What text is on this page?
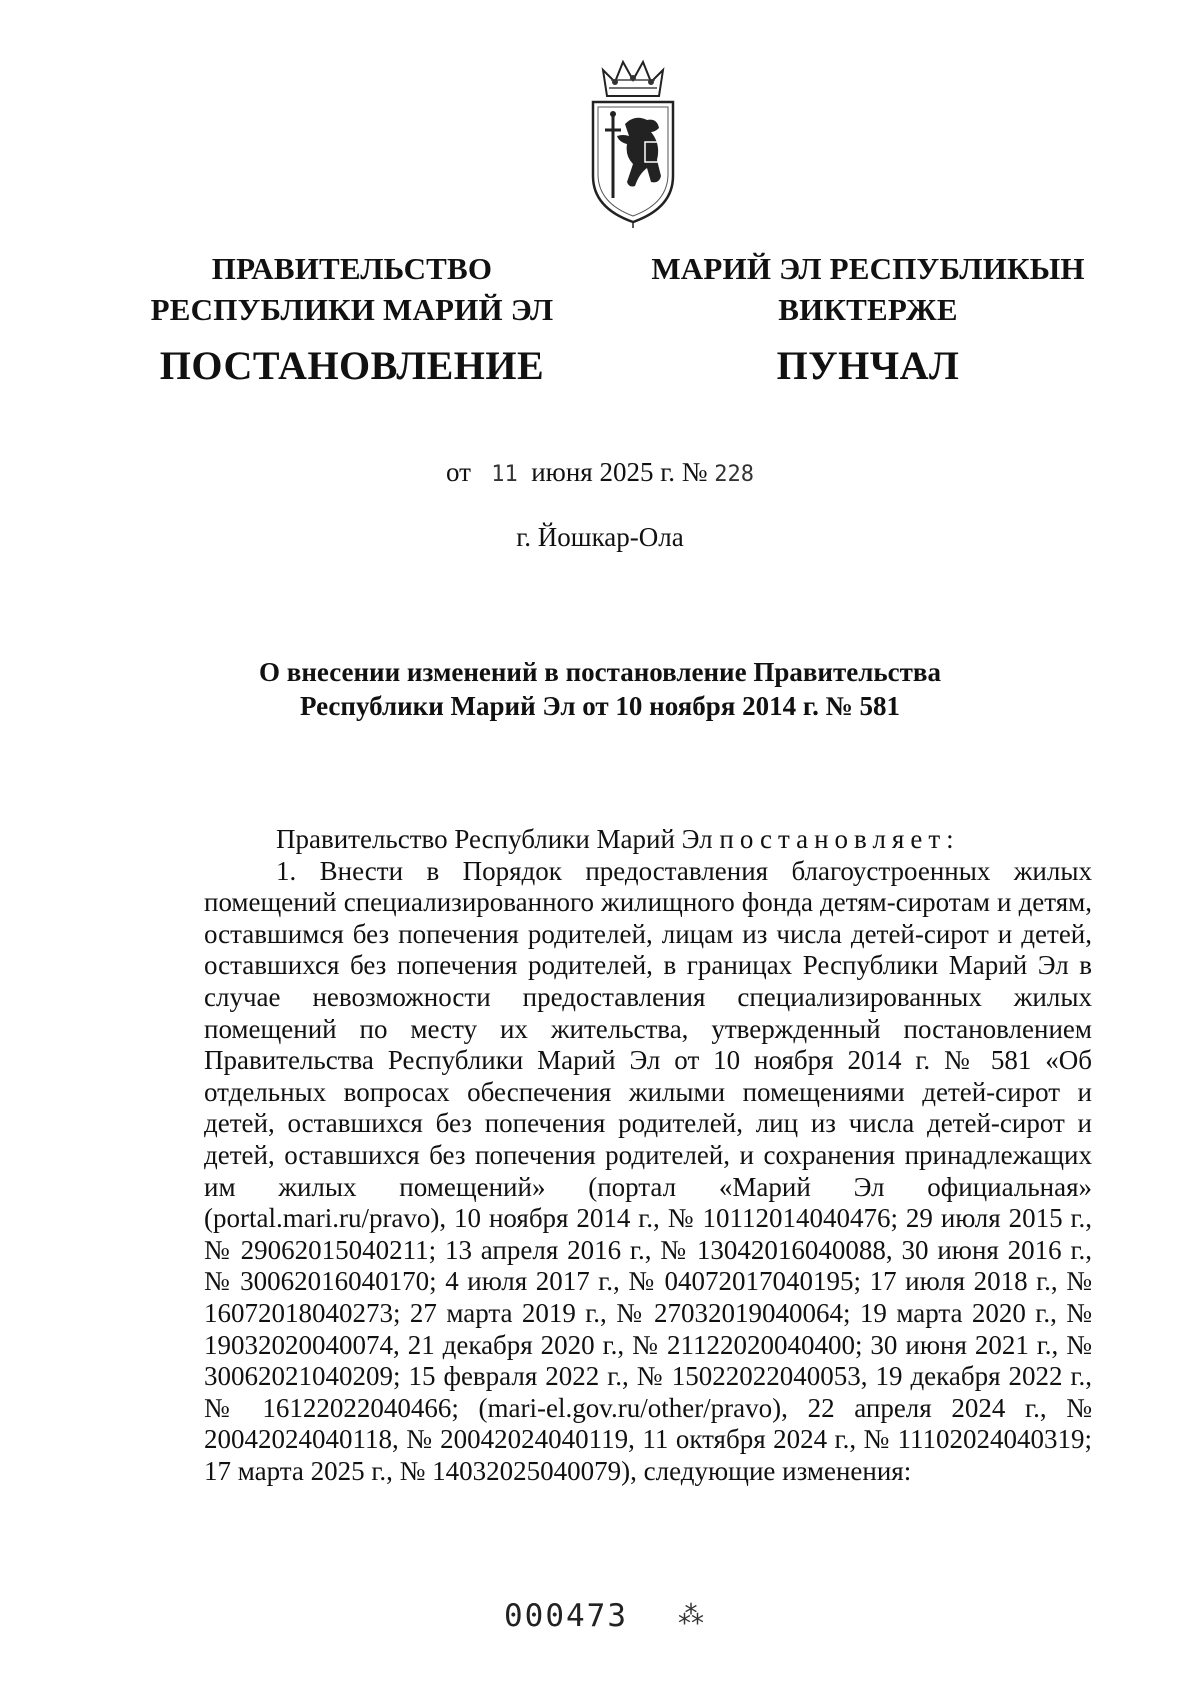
ПРАВИТЕЛЬСТВО
РЕСПУБЛИКИ МАРИЙ ЭЛ
ПОСТАНОВЛЕНИЕ
МАРИЙ ЭЛ РЕСПУБЛИКЫН
ВИКТЕРЖЕ
ПУНЧАЛ
от 11 июня 2025 г. № 228
г. Йошкар-Ола
О внесении изменений в постановление Правительства
Республики Марий Эл от 10 ноября 2014 г. № 581

Правительство Республики Марий Эл постановляет:

1. Внести в Порядок предоставления благоустроенных жилых помещений специализированного жилищного фонда детям-сиротам и детям, оставшимся без попечения родителей, лицам из числа детей-сирот и детей, оставшихся без попечения родителей, в границах Республики Марий Эл в случае невозможности предоставления специализированных жилых помещений по месту их жительства, утвержденный постановлением Правительства Республики Марий Эл от 10 ноября 2014 г. № 581 «Об отдельных вопросах обеспечения жилыми помещениями детей-сирот и детей, оставшихся без попечения родителей, лиц из числа детей-сирот и детей, оставшихся без попечения родителей, и сохранения принадлежащих им жилых помещений» (портал «Марий Эл официальная» (portal.mari.ru/pravo), 10 ноября 2014 г., № 10112014040476; 29 июля 2015 г., № 29062015040211; 13 апреля 2016 г., № 13042016040088, 30 июня 2016 г., № 30062016040170; 4 июля 2017 г., № 04072017040195; 17 июля 2018 г., № 16072018040273; 27 марта 2019 г., № 27032019040064; 19 марта 2020 г., № 19032020040074, 21 декабря 2020 г., № 21122020040400; 30 июня 2021 г., № 30062021040209; 15 февраля 2022 г., № 15022022040053, 19 декабря 2022 г., № 16122022040466; (mari-el.gov.ru/other/pravo), 22 апреля 2024 г., № 20042024040118, № 20042024040119, 11 октября 2024 г., № 11102024040319; 17 марта 2025 г., № 14032025040079), следующие изменения:

000473 ⁂
